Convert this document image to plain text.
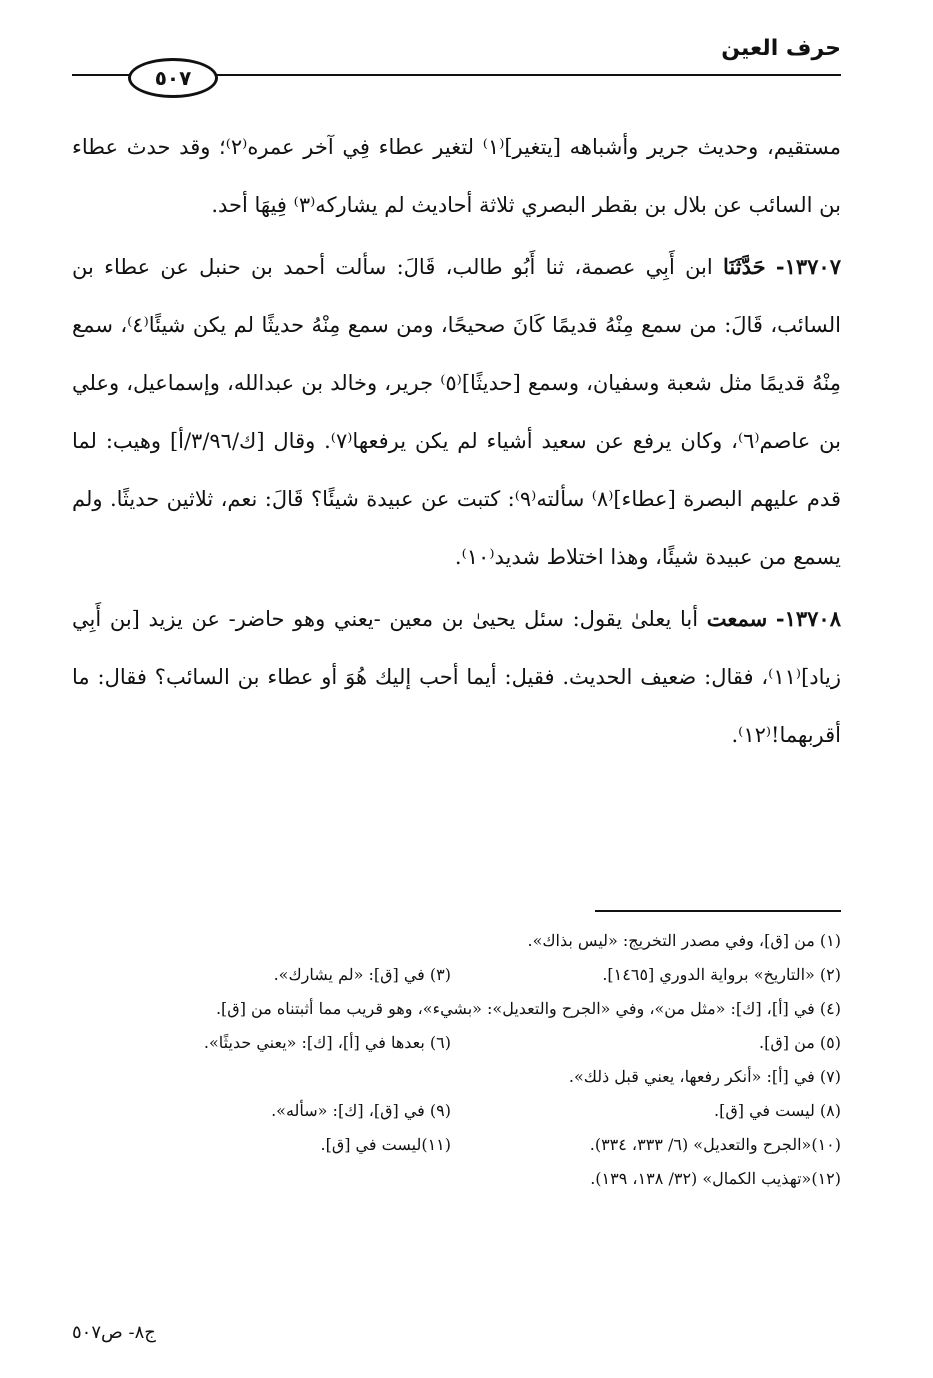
حرف العين
٥٠٧

مستقيم، وحديث جرير وأشباهه [يتغير]⁽١⁾ لتغير عطاء فِي آخر عمره⁽٢⁾؛ وقد حدث عطاء بن السائب عن بلال بن بقطر البصري ثلاثة أحاديث لم يشاركه⁽٣⁾ فِيهَا أحد.

١٣٧٠٧- حَدَّثَنَا ابن أَبِي عصمة، ثنا أَبُو طالب، قَالَ: سألت أحمد بن حنبل عن عطاء بن السائب، قَالَ: من سمع مِنْهُ قديمًا كَانَ صحيحًا، ومن سمع مِنْهُ حديثًا لم يكن شيئًا⁽٤⁾، سمع مِنْهُ قديمًا مثل شعبة وسفيان، وسمع [حديثًا]⁽٥⁾ جرير، وخالد بن عبدالله، وإسماعيل، وعلي بن عاصم⁽٦⁾، وكان يرفع عن سعيد أشياء لم يكن يرفعها⁽٧⁾. وقال [ك/٣/٩٦/أ] وهيب: لما قدم عليهم البصرة [عطاء]⁽٨⁾ سألته⁽٩⁾: كتبت عن عبيدة شيئًا؟ قَالَ: نعم، ثلاثين حديثًا. ولم يسمع من عبيدة شيئًا، وهذا اختلاط شديد⁽١٠⁾.

١٣٧٠٨- سمعت أبا يعلىٰ يقول: سئل يحيىٰ بن معين -يعني وهو حاضر- عن يزيد [بن أَبِي زياد]⁽١١⁾، فقال: ضعيف الحديث. فقيل: أيما أحب إليك هُوَ أو عطاء بن السائب؟ فقال: ما أقربهما!⁽١٢⁾.

(١) من [ق]، وفي مصدر التخريج: «ليس بذاك».
(٢) «التاريخ» برواية الدوري [١٤٦٥].
(٣) في [ق]: «لم يشارك».
(٤) في [أ]، [ك]: «مثل من»، وفي «الجرح والتعديل»: «بشيء»، وهو قريب مما أثبتناه من [ق].
(٥) من [ق].
(٦) بعدها في [أ]، [ك]: «يعني حديثًا».
(٧) في [أ]: «أنكر رفعها، يعني قبل ذلك».
(٨) ليست في [ق].
(٩) في [ق]، [ك]: «سأله».
(١٠)«الجرح والتعديل» (٦/ ٣٣٣، ٣٣٤).
(١١)ليست في [ق].
(١٢)«تهذيب الكمال» (٣٢/ ١٣٨، ١٣٩).
ج٨- ص٥٠٧
